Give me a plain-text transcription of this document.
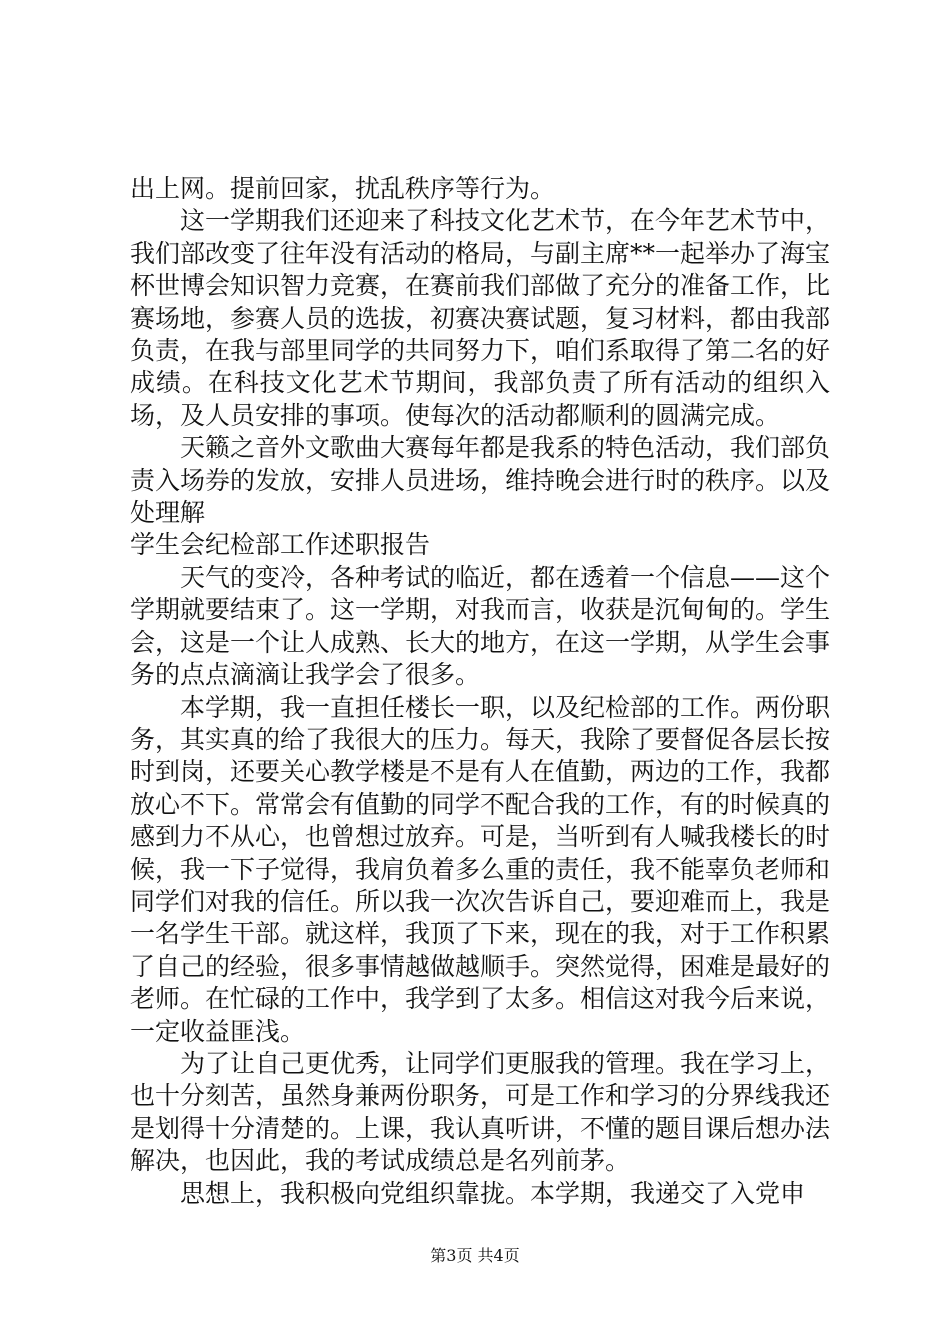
出上网。提前回家，扰乱秩序等行为。

这一学期我们还迎来了科技文化艺术节，在今年艺术节中，我们部改变了往年没有活动的格局，与副主席**一起举办了海宝杯世博会知识智力竞赛，在赛前我们部做了充分的准备工作，比赛场地，参赛人员的选拔，初赛决赛试题，复习材料，都由我部负责，在我与部里同学的共同努力下，咱们系取得了第二名的好成绩。在科技文化艺术节期间，我部负责了所有活动的组织入场，及人员安排的事项。使每次的活动都顺利的圆满完成。

天籁之音外文歌曲大赛每年都是我系的特色活动，我们部负责入场券的发放，安排人员进场，维持晚会进行时的秩序。以及处理解

学生会纪检部工作述职报告

天气的变冷，各种考试的临近，都在透着一个信息——这个学期就要结束了。这一学期，对我而言，收获是沉甸甸的。学生会，这是一个让人成熟、长大的地方，在这一学期，从学生会事务的点点滴滴让我学会了很多。

本学期，我一直担任楼长一职，以及纪检部的工作。两份职务，其实真的给了我很大的压力。每天，我除了要督促各层长按时到岗，还要关心教学楼是不是有人在值勤，两边的工作，我都放心不下。常常会有值勤的同学不配合我的工作，有的时候真的感到力不从心，也曾想过放弃。可是，当听到有人喊我楼长的时候，我一下子觉得，我肩负着多么重的责任，我不能辜负老师和同学们对我的信任。所以我一次次告诉自己，要迎难而上，我是一名学生干部。就这样，我顶了下来，现在的我，对于工作积累了自己的经验，很多事情越做越顺手。突然觉得，困难是最好的老师。在忙碌的工作中，我学到了太多。相信这对我今后来说，一定收益匪浅。

为了让自己更优秀，让同学们更服我的管理。我在学习上，也十分刻苦，虽然身兼两份职务，可是工作和学习的分界线我还是划得十分清楚的。上课，我认真听讲，不懂的题目课后想办法解决，也因此，我的考试成绩总是名列前茅。

思想上，我积极向党组织靠拢。本学期，我递交了入党申

第3页 共4页
